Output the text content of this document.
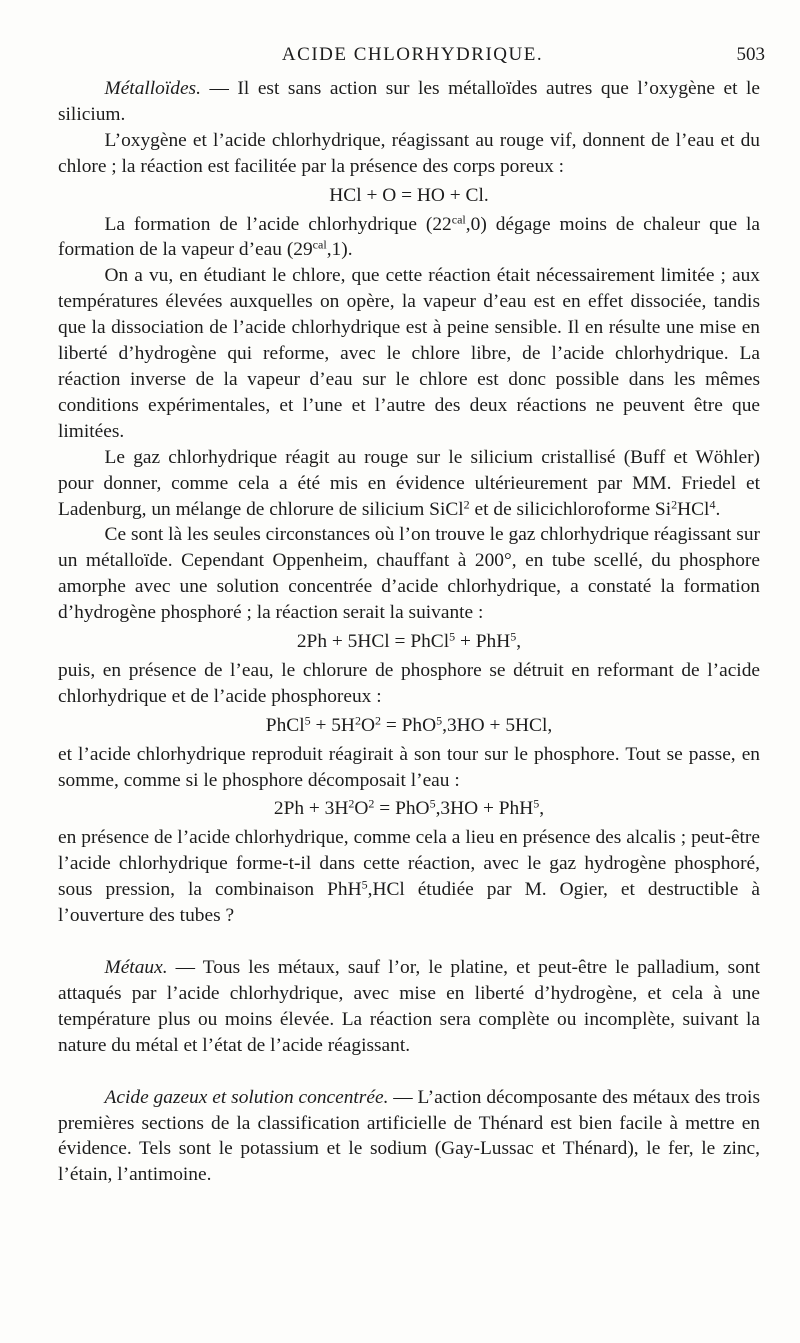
ACIDE CHLORHYDRIQUE.	503

Métalloïdes. — Il est sans action sur les métalloïdes autres que l’oxygène et le silicium.

L’oxygène et l’acide chlorhydrique, réagissant au rouge vif, donnent de l’eau et du chlore ; la réaction est facilitée par la présence des corps poreux :

HCl + O = HO + Cl.

La formation de l’acide chlorhydrique $(22^{cal},0)$ dégage moins de chaleur que la formation de la vapeur d’eau $(29^{cal},1)$.

On a vu, en étudiant le chlore, que cette réaction était nécessairement limitée ; aux températures élevées auxquelles on opère, la vapeur d’eau est en effet dissociée, tandis que la dissociation de l’acide chlorhydrique est à peine sensible. Il en résulte une mise en liberté d’hydrogène qui reforme, avec le chlore libre, de l’acide chlorhydrique. La réaction inverse de la vapeur d’eau sur le chlore est donc possible dans les mêmes conditions expérimentales, et l’une et l’autre des deux réactions ne peuvent être que limitées.

Le gaz chlorhydrique réagit au rouge sur le silicium cristallisé (Buff et Wöhler) pour donner, comme cela a été mis en évidence ultérieurement par MM. Friedel et Ladenburg, un mélange de chlorure de silicium SiCl$^2$ et de silicichloroforme Si$^2$HCl$^4$.

Ce sont là les seules circonstances où l’on trouve le gaz chlorhydrique réagissant sur un métalloïde. Cependant Oppenheim, chauffant à 200°, en tube scellé, du phosphore amorphe avec une solution concentrée d’acide chlorhydrique, a constaté la formation d’hydrogène phosphoré ; la réaction serait la suivante :

2Ph + 5HCl = PhCl$^5$ + PhH$^5$,

puis, en présence de l’eau, le chlorure de phosphore se détruit en reformant de l’acide chlorhydrique et de l’acide phosphoreux :

PhCl$^5$ + $5H^2O^2 = PhO^5,3HO + 5HCl$,

et l’acide chlorhydrique reproduit réagirait à son tour sur le phosphore. Tout se passe, en somme, comme si le phosphore décomposait l’eau :

$2Ph + 3H^2O^2 = PhO^5,3HO + PhH^5$,

en présence de l’acide chlorhydrique, comme cela a lieu en présence des alcalis ; peut-être l’acide chlorhydrique forme-t-il dans cette réaction, avec le gaz hydrogène phosphoré, sous pression, la combinaison PhH$^5$,HCl étudiée par M. Ogier, et destructible à l’ouverture des tubes ?

Métaux. — Tous les métaux, sauf l’or, le platine, et peut-être le palladium, sont attaqués par l’acide chlorhydrique, avec mise en liberté d’hydrogène, et cela à une température plus ou moins élevée. La réaction sera complète ou incomplète, suivant la nature du métal et l’état de l’acide réagissant.

Acide gazeux et solution concentrée. — L’action décomposante des métaux des trois premières sections de la classification artificielle de Thénard est bien facile à mettre en évidence. Tels sont le potassium et le sodium (Gay-Lussac et Thénard), le fer, le zinc, l’étain, l’antimoine.
